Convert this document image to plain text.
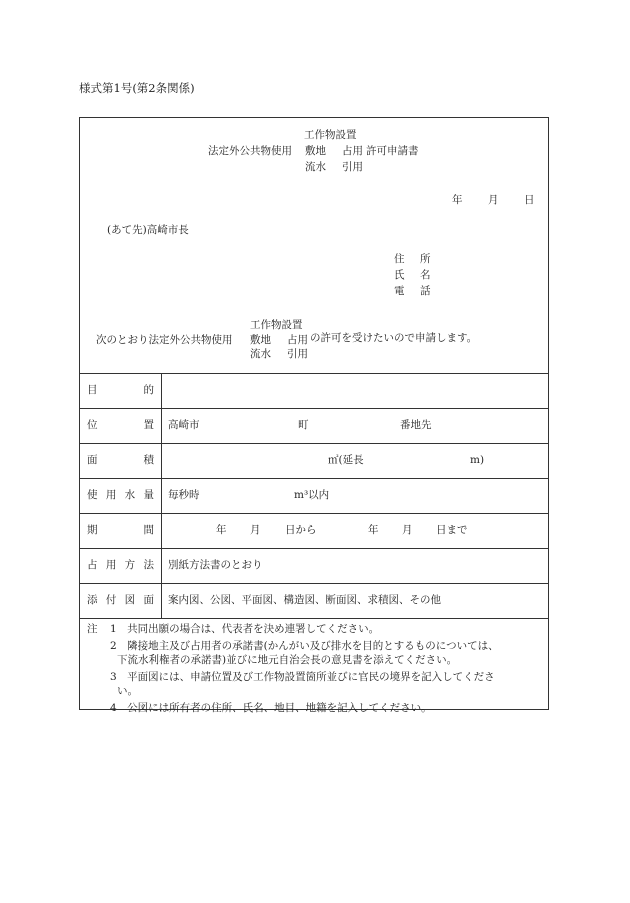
様式第1号(第2条関係)
工作物設置
法定外公共物使用 敷地 占用 許可申請書
流水 引用
年 月 日
(あて先)高崎市長
住 所
氏 名
電 話
工作物設置
次のとおり法定外公共物使用 敷地 占用 の許可を受けたいので申請します。
流水 引用
目	的
位	置 高崎市	町	番地先
面	積	㎡(延長	m)
使 用 水 量 毎秒時	m³以内
期	間	年 月 日から	年 月 日まで
占 用 方 法 別紙方法書のとおり
添 付 図 面 案内図、公図、平面図、構造図、断面図、求積図、その他
注 1　共同出願の場合は、代表者を決め連署してください。
2　隣接地主及び占用者の承諾書(かんがい及び排水を目的とするものについては、
下流水利権者の承諾書)並びに地元自治会長の意見書を添えてください。
3　平面図には、申請位置及び工作物設置箇所並びに官民の境界を記入してくださ
い。
4　公図には所有者の住所、氏名、地目、地籍を記入してください。
